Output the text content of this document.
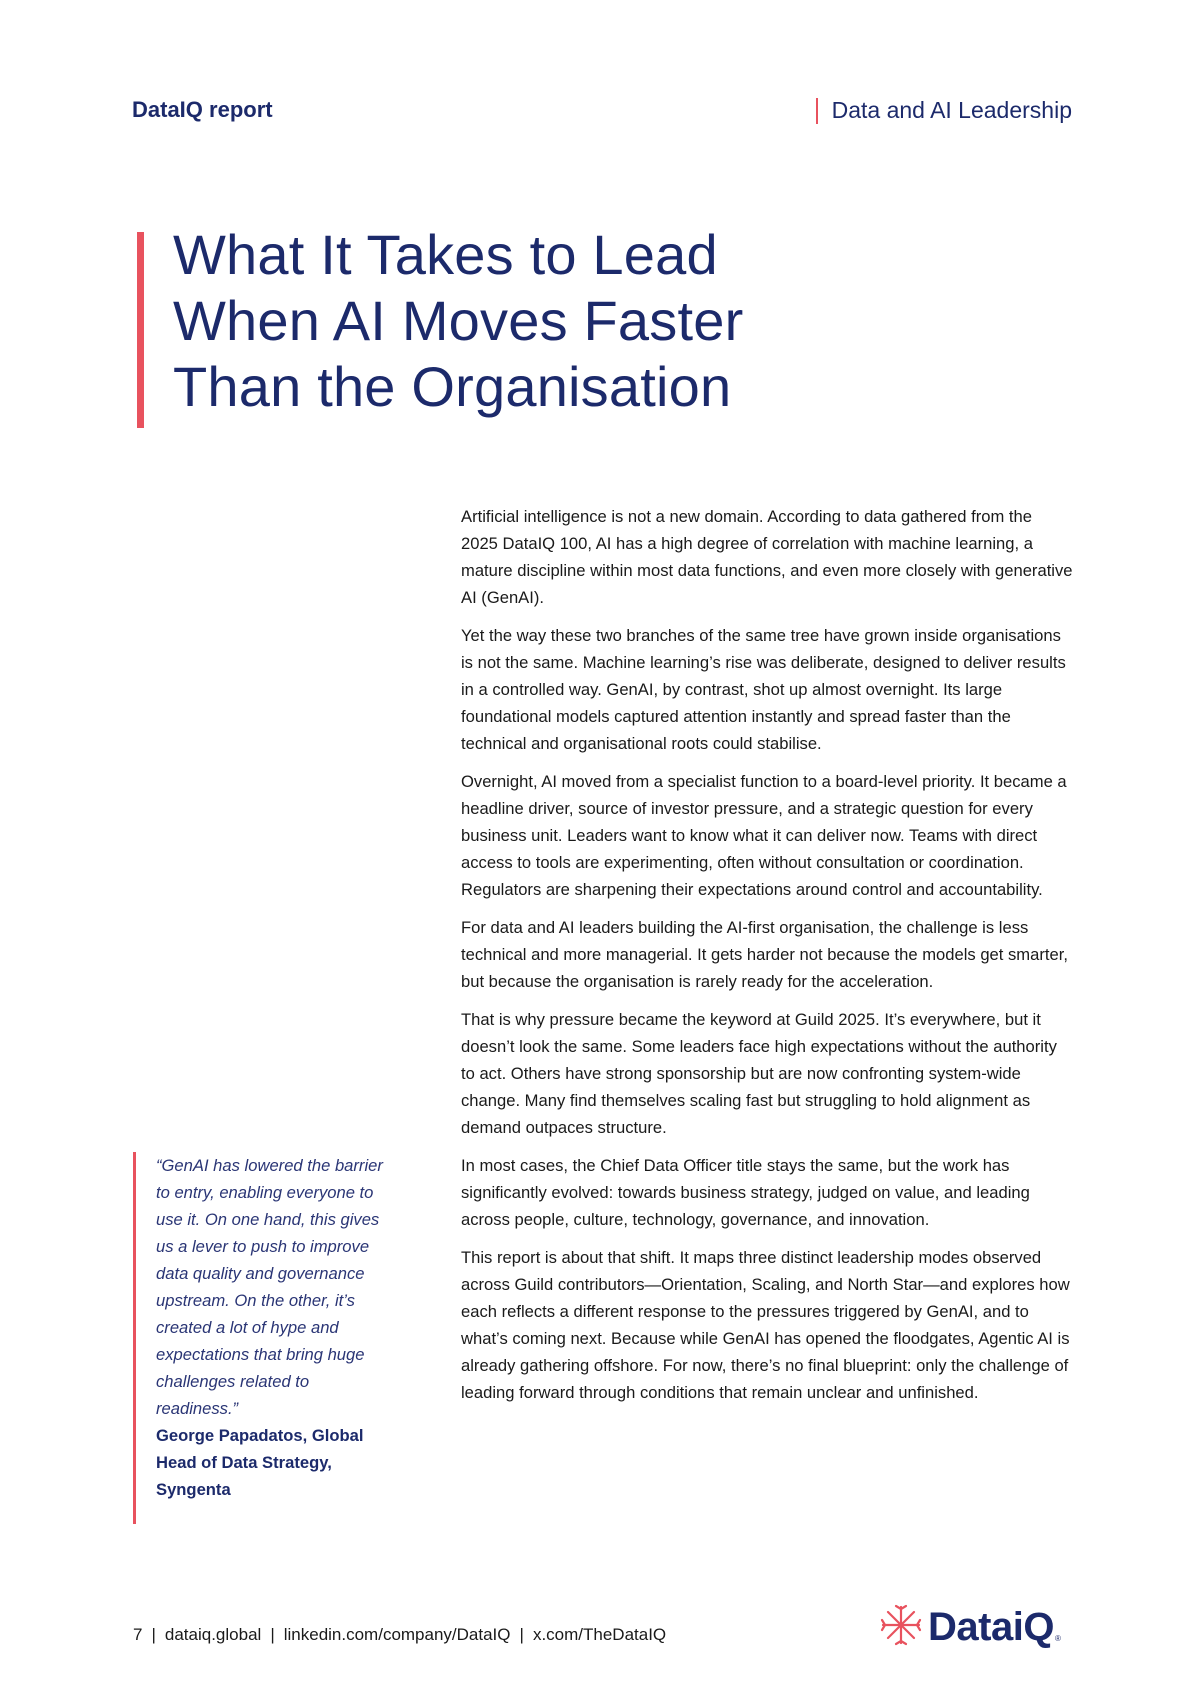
DataIQ report	Data and AI Leadership
What It Takes to Lead
When AI Moves Faster
Than the Organisation

Artificial intelligence is not a new domain. According to data gathered from the 2025 DataIQ 100, AI has a high degree of correlation with machine learning, a mature discipline within most data functions, and even more closely with generative AI (GenAI).

Yet the way these two branches of the same tree have grown inside organisations is not the same. Machine learning’s rise was deliberate, designed to deliver results in a controlled way. GenAI, by contrast, shot up almost overnight. Its large foundational models captured attention instantly and spread faster than the technical and organisational roots could stabilise.

Overnight, AI moved from a specialist function to a board-level priority. It became a headline driver, source of investor pressure, and a strategic question for every business unit. Leaders want to know what it can deliver now. Teams with direct access to tools are experimenting, often without consultation or coordination. Regulators are sharpening their expectations around control and accountability.

For data and AI leaders building the AI-first organisation, the challenge is less technical and more managerial. It gets harder not because the models get smarter, but because the organisation is rarely ready for the acceleration.

That is why pressure became the keyword at Guild 2025. It’s everywhere, but it doesn’t look the same. Some leaders face high expectations without the authority to act. Others have strong sponsorship but are now confronting system-wide change. Many find themselves scaling fast but struggling to hold alignment as demand outpaces structure.

In most cases, the Chief Data Officer title stays the same, but the work has significantly evolved: towards business strategy, judged on value, and leading across people, culture, technology, governance, and innovation.

This report is about that shift. It maps three distinct leadership modes observed across Guild contributors—Orientation, Scaling, and North Star—and explores how each reflects a different response to the pressures triggered by GenAI, and to what’s coming next. Because while GenAI has opened the floodgates, Agentic AI is already gathering offshore. For now, there’s no final blueprint: only the challenge of leading forward through conditions that remain unclear and unfinished.

“GenAI has lowered the barrier to entry, enabling everyone to use it. On one hand, this gives us a lever to push to improve data quality and governance upstream. On the other, it’s created a lot of hype and expectations that bring huge challenges related to readiness.”

George Papadatos, Global Head of Data Strategy, Syngenta

7 | dataiq.global | linkedin.com/company/DataIQ | x.com/TheDataIQ	DataiQ ®
